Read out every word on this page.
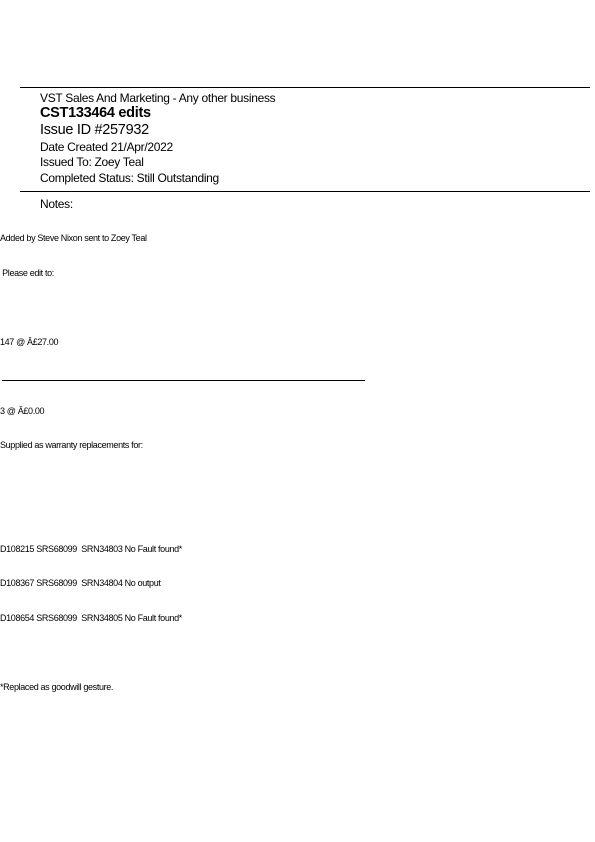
VST Sales And Marketing - Any other business
CST133464 edits
Issue ID #257932
Date Created 21/Apr/2022
Issued To: Zoey Teal
Completed Status: Still Outstanding
Notes:

Added by Steve Nixon sent to Zoey Teal

Please edit to:

147 @ Â£27.00

3 @ Â£0.00

Supplied as warranty replacements for:

D108215 SRS68099  SRN34803 No Fault found*

D108367 SRS68099  SRN34804 No output

D108654 SRS68099  SRN34805 No Fault found*

*Replaced as goodwill gesture.
